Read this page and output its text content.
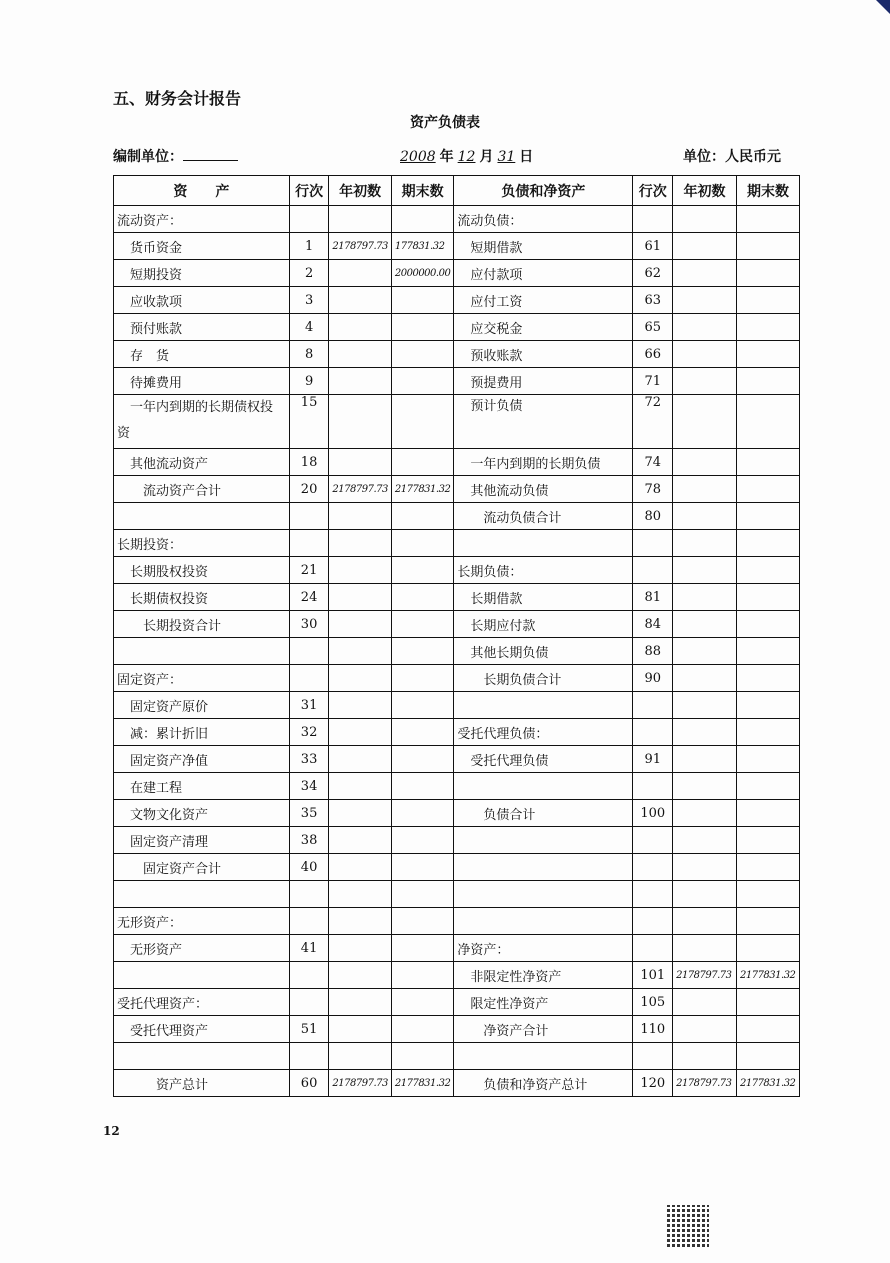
五、财务会计报告
资产负债表
编制单位：	2008 年 12 月 31 日	单位：人民币元
资　　产	行次	年初数	期末数	负债和净资产	行次	年初数	期末数
流动资产：				流动负债：			
　货币资金	1	2178797.73	177831.32	　短期借款	61		
　短期投资	2		2000000.00	　应付款项	62		
　应收款项	3			　应付工资	63		
　预付账款	4			　应交税金	65		
　存　货	8			　预收账款	66		
　待摊费用	9			　预提费用	71		
　一年内到期的长期债权投资	15			　预计负债	72		
　其他流动资产	18			　一年内到期的长期负债	74		
　　流动资产合计	20	2178797.73	2177831.32	　其他流动负债	78		
				　　流动负债合计	80		
长期投资：							
　长期股权投资	21			长期负债：			
　长期债权投资	24			　长期借款	81		
　　长期投资合计	30			　长期应付款	84		
				　其他长期负债	88		
固定资产：				　　长期负债合计	90		
　固定资产原价	31						
　减：累计折旧	32			受托代理负债：			
　固定资产净值	33			　受托代理负债	91		
　在建工程	34						
　文物文化资产	35			　　负债合计	100		
　固定资产清理	38						
　　固定资产合计	40						

无形资产：							
　无形资产	41			净资产：			
				　非限定性净资产	101	2178797.73	2177831.32
受托代理资产：				　限定性净资产	105		
　受托代理资产	51			　　净资产合计	110		

　　　资产总计	60	2178797.73	2177831.32	　　负债和净资产总计	120	2178797.73	2177831.32
12
